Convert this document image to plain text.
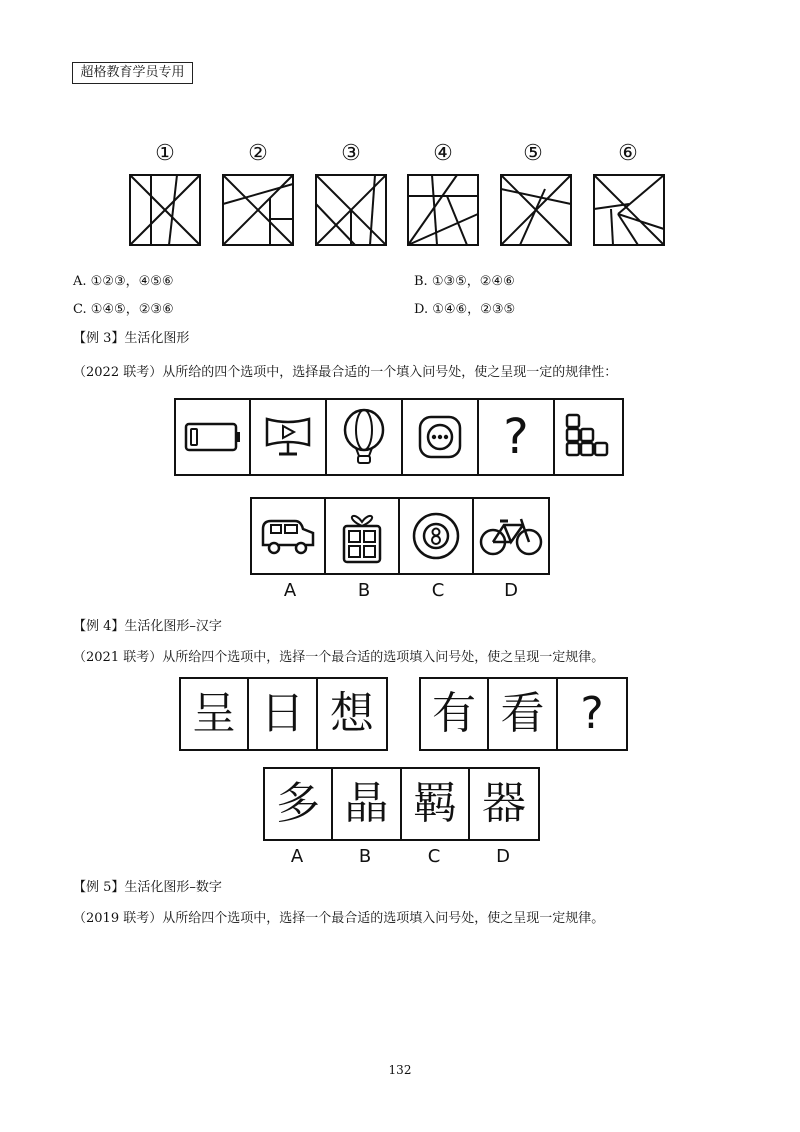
超格教育学员专用
①	②	③	④	⑤	⑥
A. ①②③，④⑤⑥	B. ①③⑤，②④⑥
C. ①④⑤，②③⑥	D. ①④⑥，②③⑤
【例 3】生活化图形
（2022 联考）从所给的四个选项中，选择最合适的一个填入问号处，使之呈现一定的规律性：
?
A	B	C	D
【例 4】生活化图形–汉字
（2021 联考）从所给四个选项中，选择一个最合适的选项填入问号处，使之呈现一定规律。
呈 日 想 有 看 ?
多 晶 羁 器
A	B	C	D
【例 5】生活化图形–数字
（2019 联考）从所给四个选项中，选择一个最合适的选项填入问号处，使之呈现一定规律。
132
